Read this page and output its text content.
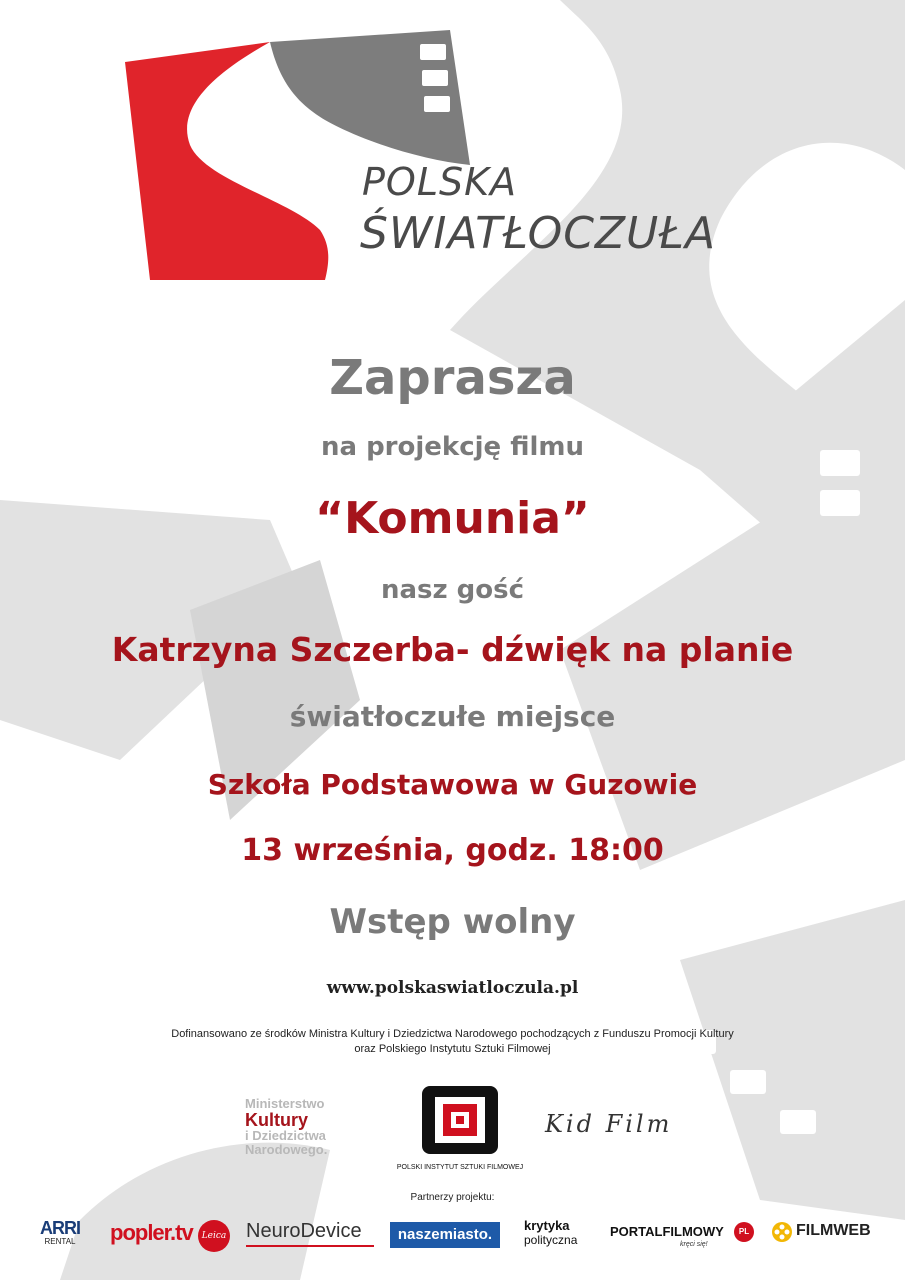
POLSKA
ŚWIATŁOCZUŁA
Zaprasza
na projekcję filmu
“Komunia”
nasz gość
Katrzyna Szczerba- dźwięk na planie
światłoczułe miejsce
Szkoła Podstawowa w Guzowie
13 września, godz. 18:00
Wstęp wolny
www.polskaswiatloczula.pl
Dofinansowano ze środków Ministra Kultury i Dziedzictwa Narodowego pochodzących z Funduszu Promocji Kultury
oraz Polskiego Instytutu Sztuki Filmowej
Ministerstwo
Kultury
i Dziedzictwa
Narodowego.
POLSKI INSTYTUT SZTUKI FILMOWEJ
Kid Film
Partnerzy projektu:
ARRI
RENTAL popler.tv	Leica NeuroDevice	naszemiasto.
krytyka
polityczna
PORTALFILMOWY
kręci się!
PL	FILMWEB
